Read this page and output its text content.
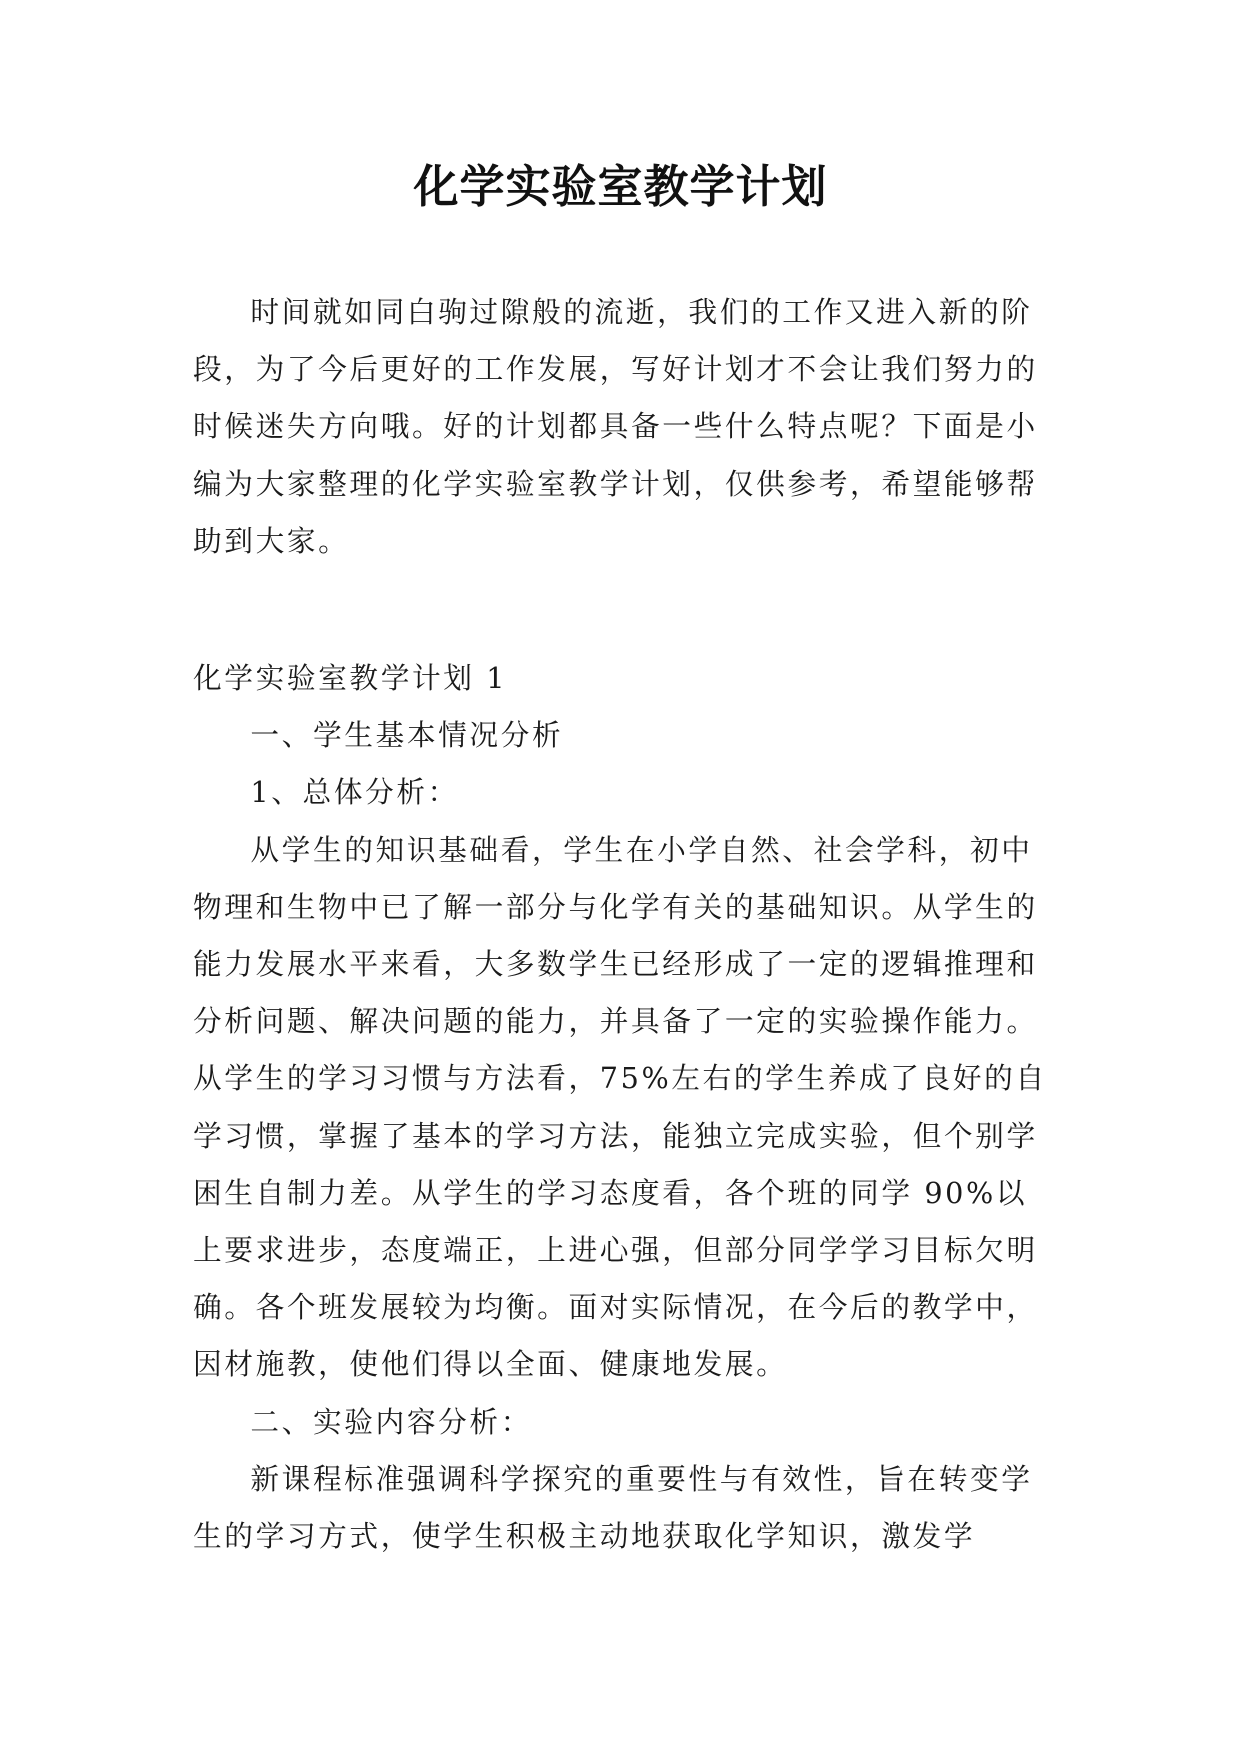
化学实验室教学计划

时间就如同白驹过隙般的流逝，我们的工作又进入新的阶段，为了今后更好的工作发展，写好计划才不会让我们努力的时候迷失方向哦。好的计划都具备一些什么特点呢？下面是小编为大家整理的化学实验室教学计划，仅供参考，希望能够帮助到大家。

化学实验室教学计划 1

一、学生基本情况分析

1、总体分析：

从学生的知识基础看，学生在小学自然、社会学科，初中物理和生物中已了解一部分与化学有关的基础知识。从学生的能力发展水平来看，大多数学生已经形成了一定的逻辑推理和分析问题、解决问题的能力，并具备了一定的实验操作能力。从学生的学习习惯与方法看，75%左右的学生养成了良好的自学习惯，掌握了基本的学习方法，能独立完成实验，但个别学困生自制力差。从学生的学习态度看，各个班的同学 90%以上要求进步，态度端正，上进心强，但部分同学学习目标欠明确。各个班发展较为均衡。面对实际情况，在今后的教学中，因材施教，使他们得以全面、健康地发展。

二、实验内容分析：

新课程标准强调科学探究的重要性与有效性，旨在转变学生的学习方式，使学生积极主动地获取化学知识，激发学
